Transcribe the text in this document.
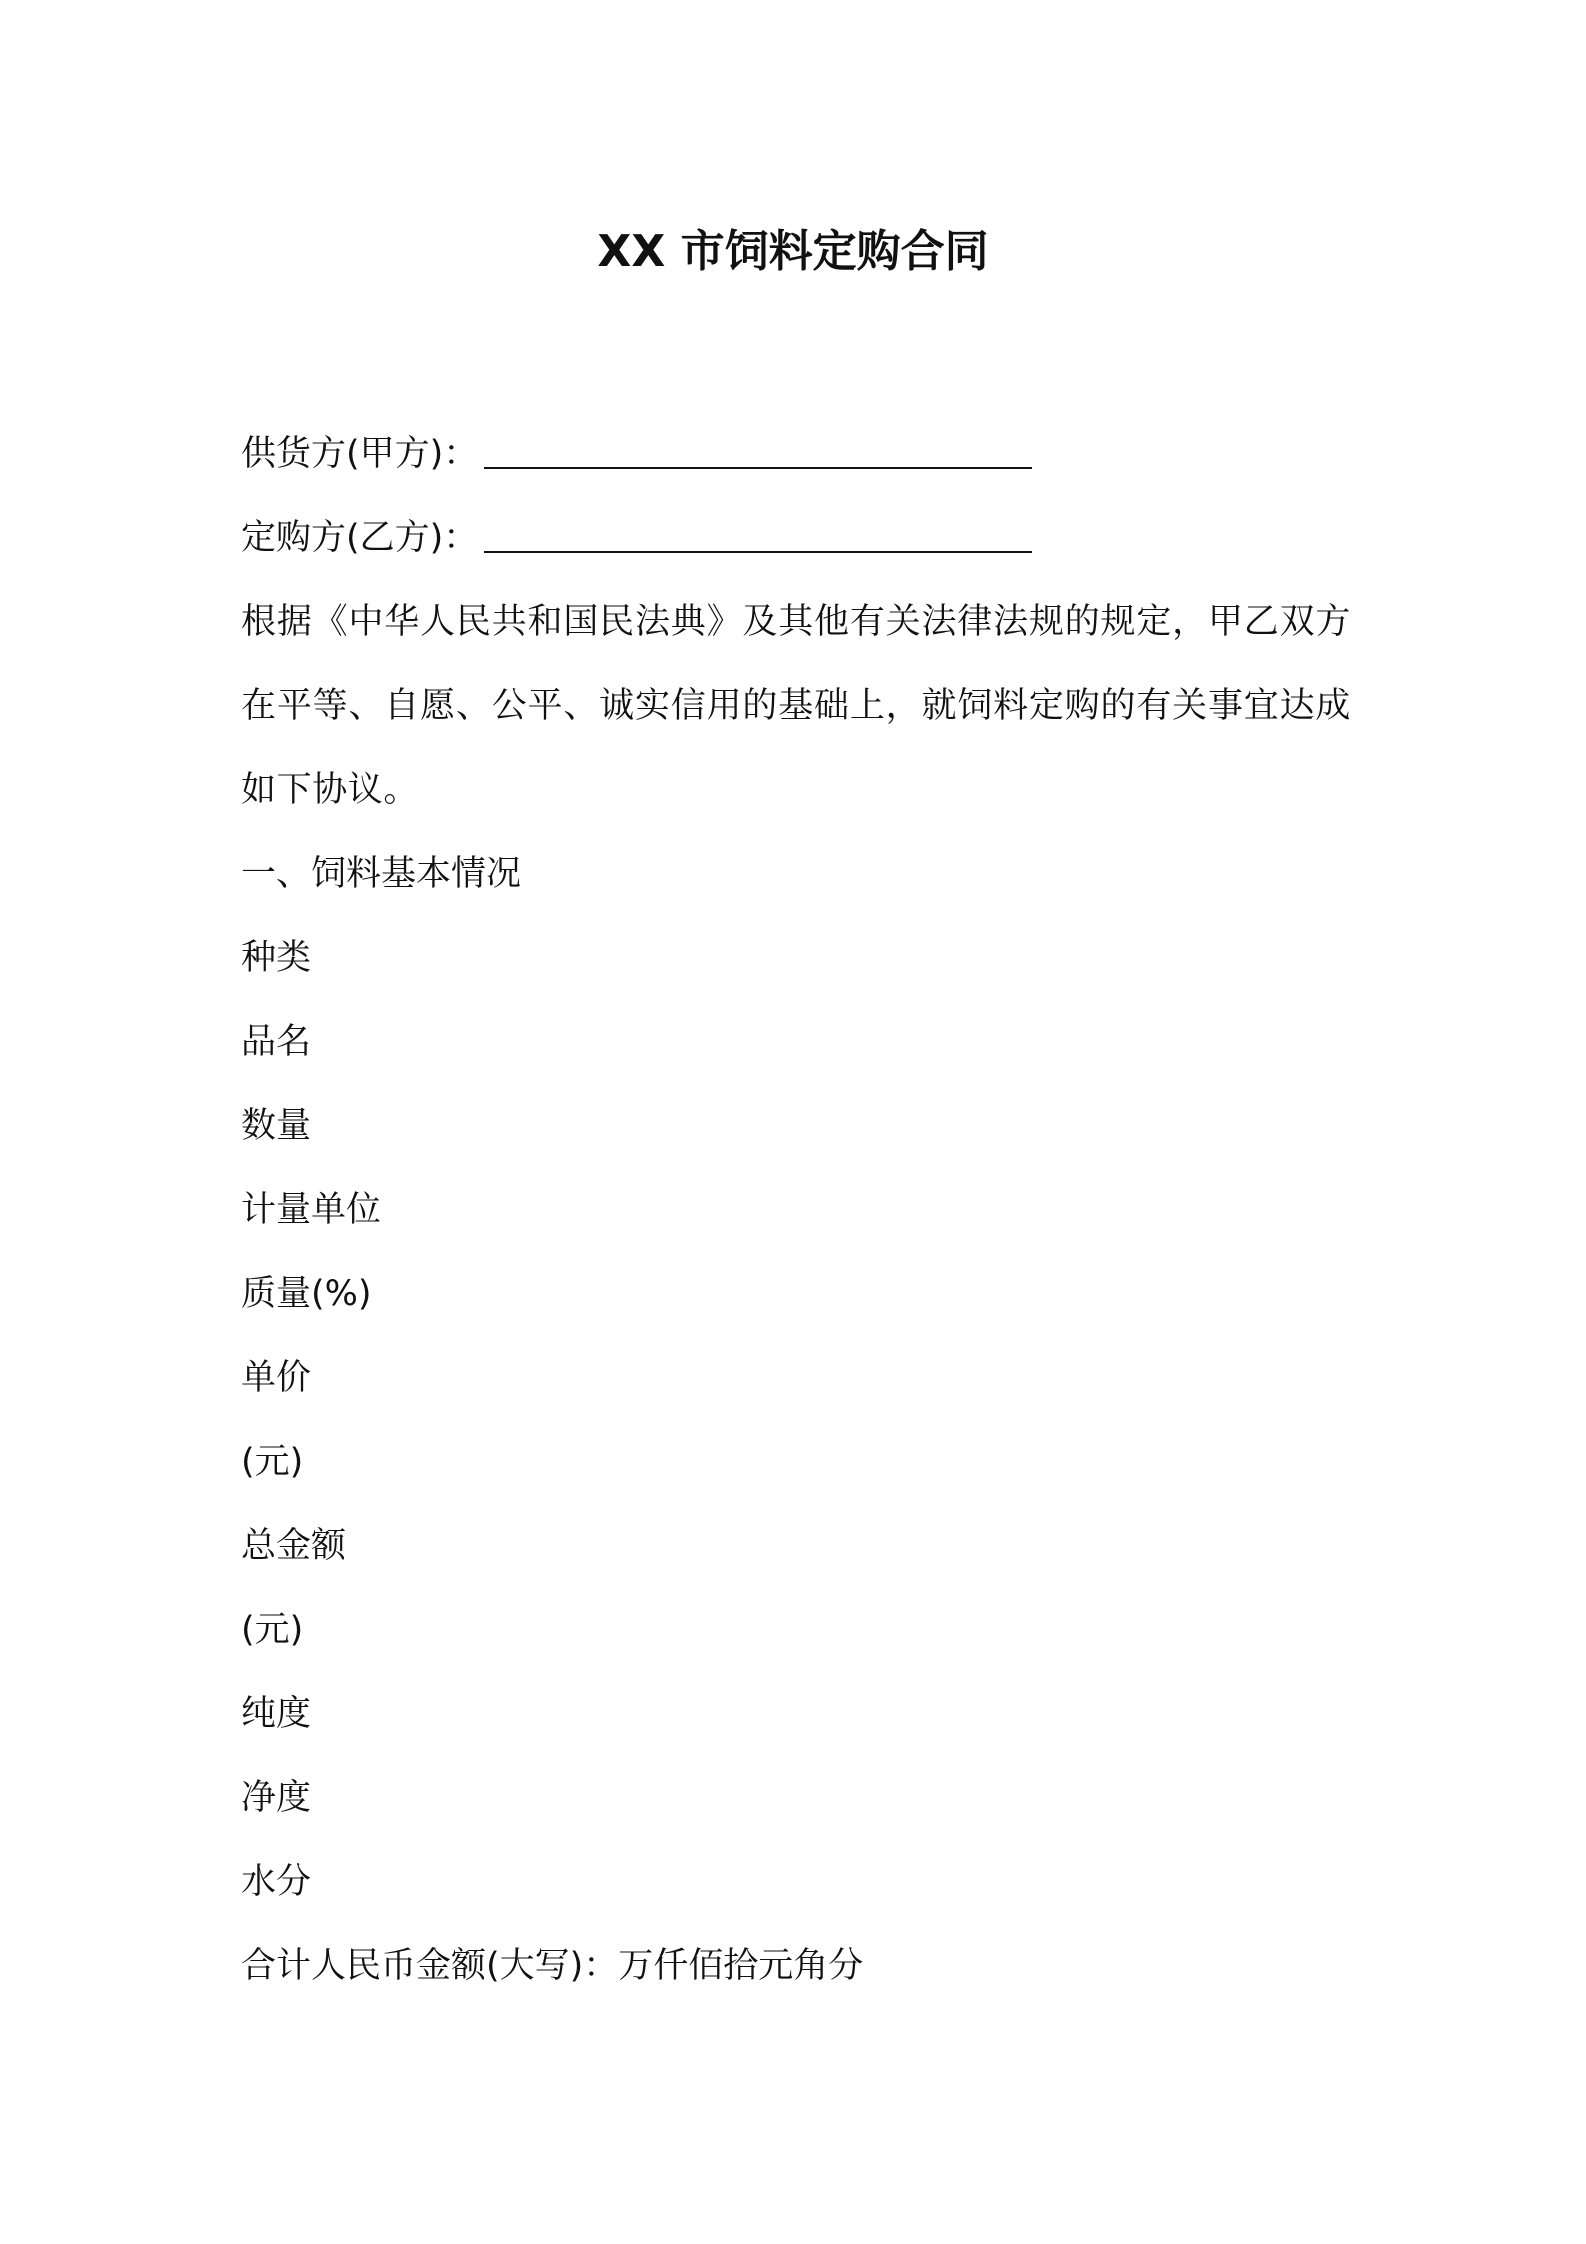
XX 市饲料定购合同
供货方(甲方)：
定购方(乙方)：
根据《中华人民共和国民法典》及其他有关法律法规的规定，甲乙双方在平等、自愿、公平、诚实信用的基础上，就饲料定购的有关事宜达成如下协议。
一、饲料基本情况
种类
品名
数量
计量单位
质量(%)
单价
(元)
总金额
(元)
纯度
净度
水分
合计人民币金额(大写)：万仟佰拾元角分
